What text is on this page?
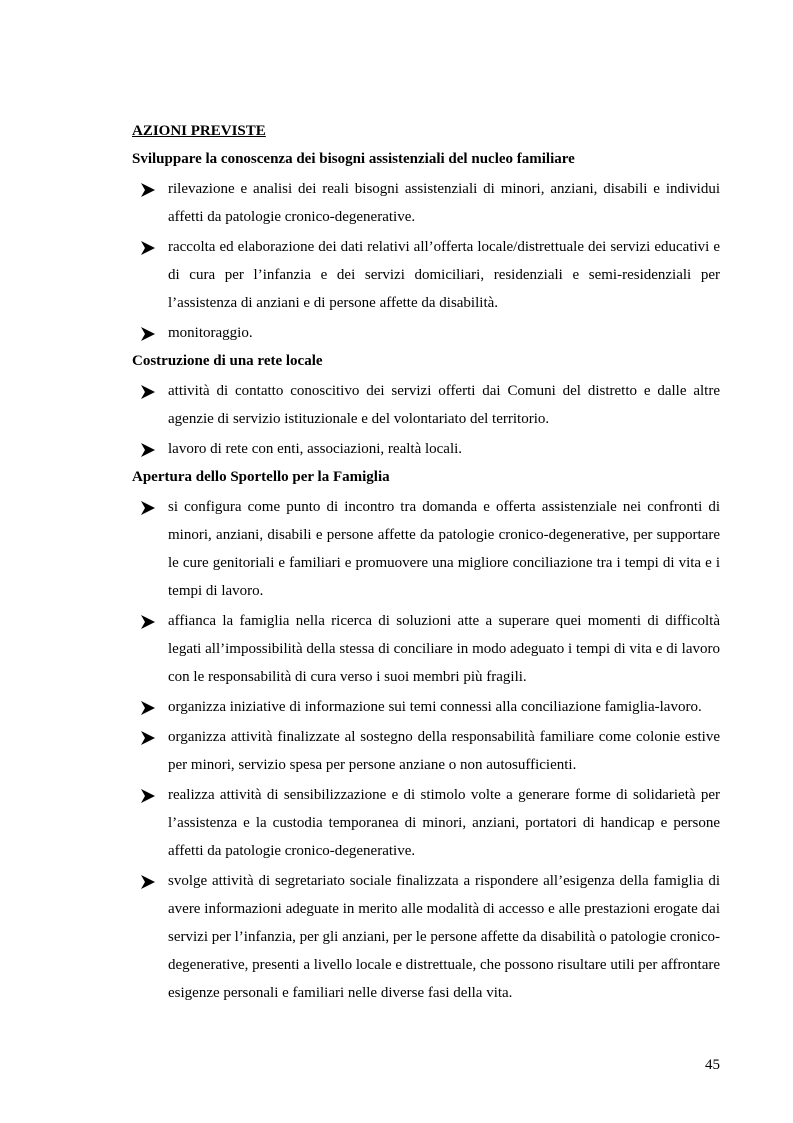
AZIONI PREVISTE
Sviluppare la conoscenza dei bisogni assistenziali del nucleo familiare
rilevazione e analisi dei reali bisogni assistenziali di minori, anziani, disabili e individui affetti da patologie cronico-degenerative.
raccolta ed elaborazione dei dati relativi all’offerta locale/distrettuale dei servizi educativi e di cura per l’infanzia e dei servizi domiciliari, residenziali e semi-residenziali per l’assistenza di anziani e di persone affette da disabilità.
monitoraggio.
Costruzione di una rete locale
attività di contatto conoscitivo dei servizi offerti dai Comuni del distretto e dalle altre agenzie di servizio istituzionale e del volontariato del territorio.
lavoro di rete con enti, associazioni, realtà locali.
Apertura dello Sportello per la Famiglia
si configura come punto di incontro tra domanda e offerta assistenziale nei confronti di minori, anziani, disabili e persone affette da patologie cronico-degenerative, per supportare le cure genitoriali e familiari e promuovere una migliore conciliazione tra i tempi di vita e i tempi di lavoro.
affianca la famiglia nella ricerca di soluzioni atte a superare quei momenti di difficoltà legati all’impossibilità della stessa di conciliare in modo adeguato i tempi di vita e di lavoro con le responsabilità di cura verso i suoi membri più fragili.
organizza iniziative di informazione sui temi connessi alla conciliazione famiglia-lavoro.
organizza attività finalizzate al sostegno della responsabilità familiare come colonie estive per minori, servizio spesa per persone anziane o non autosufficienti.
realizza attività di sensibilizzazione e di stimolo volte a generare forme di solidarietà per l’assistenza e la custodia temporanea di minori, anziani, portatori di handicap e persone affetti da patologie cronico-degenerative.
svolge attività di segretariato sociale finalizzata a rispondere all’esigenza della famiglia di avere informazioni adeguate in merito alle modalità di accesso e alle prestazioni erogate dai servizi per l’infanzia, per gli anziani, per le persone affette da disabilità o patologie cronico-degenerative, presenti a livello locale e distrettuale, che possono risultare utili per affrontare esigenze personali e familiari nelle diverse fasi della vita.
45
